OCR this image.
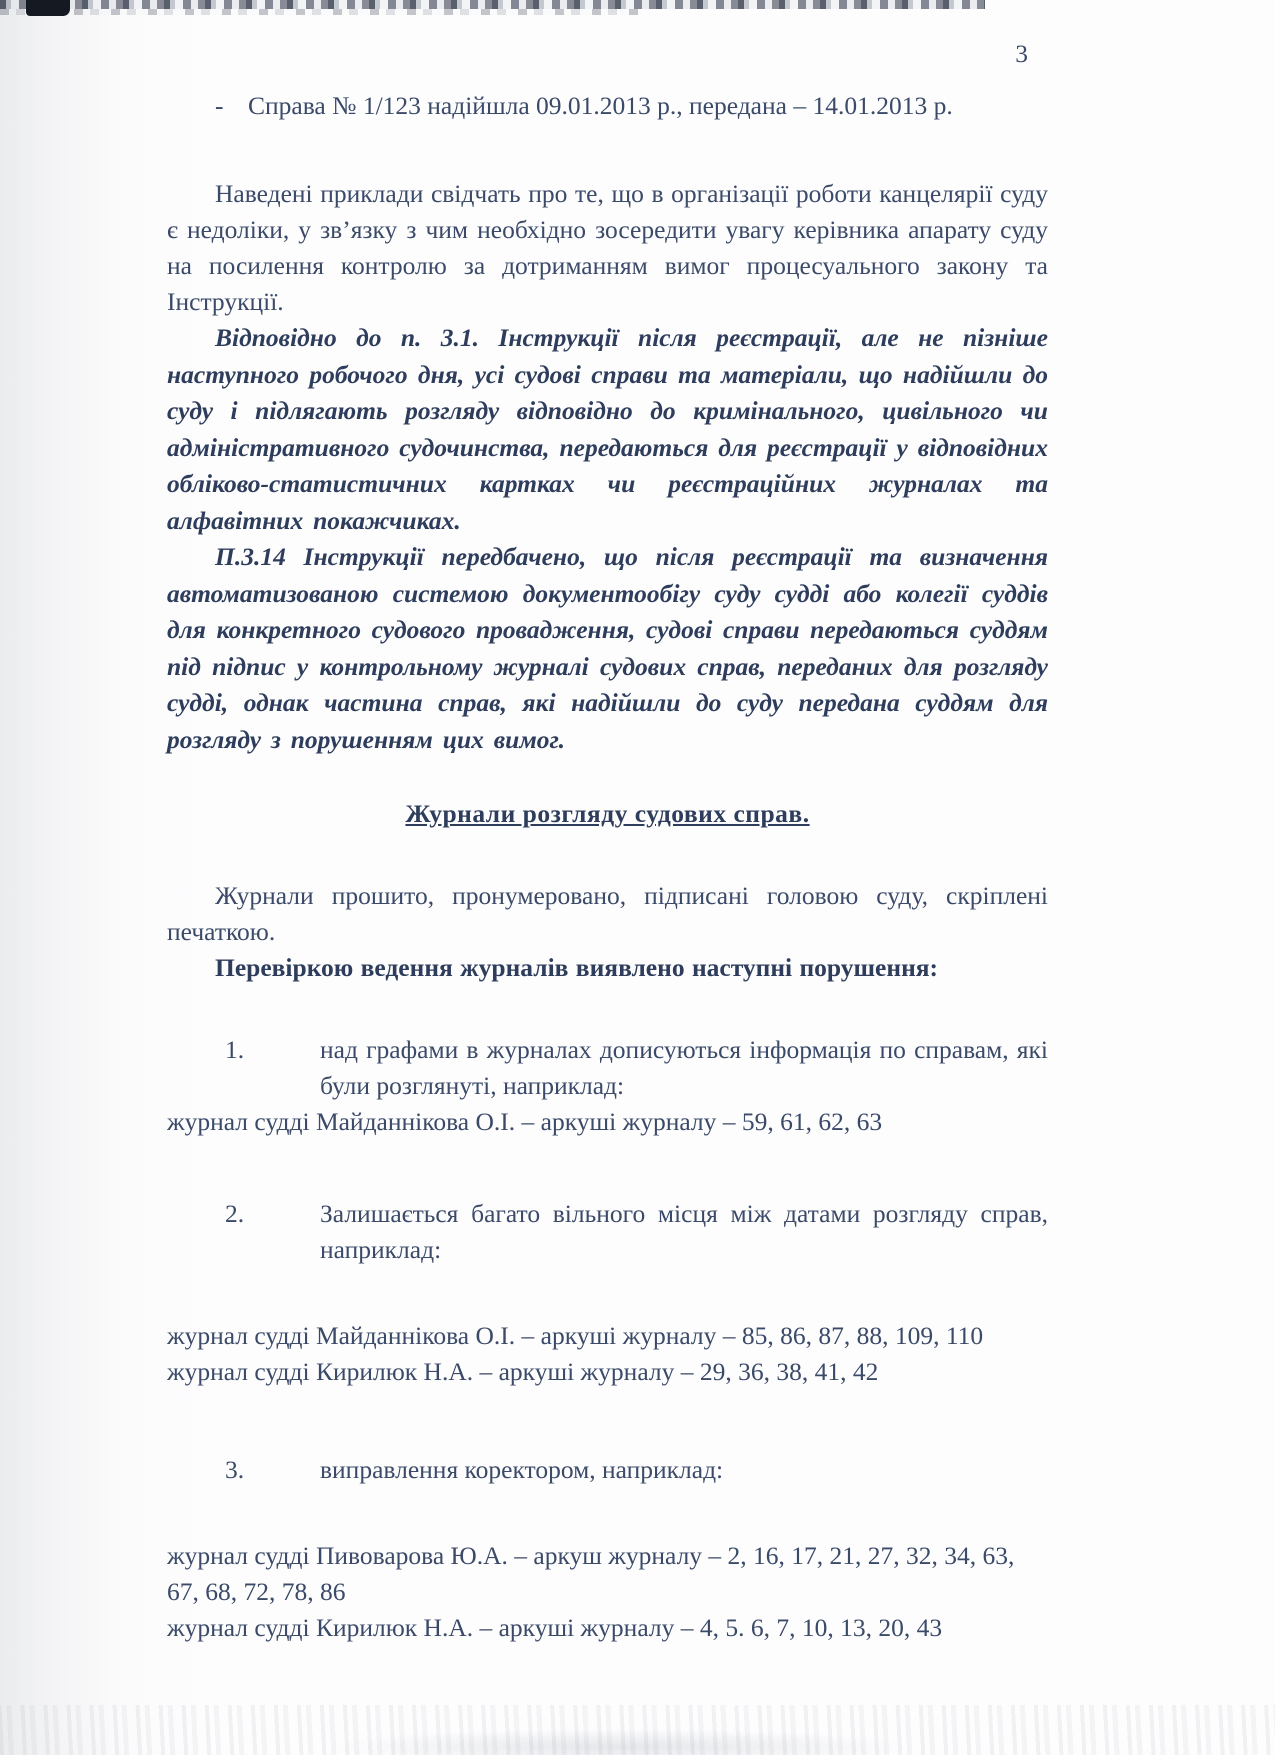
3
- Справа № 1/123 надійшла 09.01.2013 р., передана – 14.01.2013 р.

Наведені приклади свідчать про те, що в організації роботи канцелярії суду є недоліки, у зв’язку з чим необхідно зосередити увагу керівника апарату суду на посилення контролю за дотриманням вимог процесуального закону та Інструкції.

Відповідно до п. 3.1. Інструкції після реєстрації, але не пізніше наступного робочого дня, усі судові справи та матеріали, що надійшли до суду і підлягають розгляду відповідно до кримінального, цивільного чи адміністративного судочинства, передаються для реєстрації у відповідних обліково-статистичних картках чи реєстраційних журналах та алфавітних покажчиках.

П.3.14 Інструкції передбачено, що після реєстрації та визначення автоматизованою системою документообігу суду судді або колегії суддів для конкретного судового провадження, судові справи передаються суддям під підпис у контрольному журналі судових справ, переданих для розгляду судді, однак частина справ, які надійшли до суду передана суддям для розгляду з порушенням цих вимог.

Журнали розгляду судових справ.

Журнали прошито, пронумеровано, підписані головою суду, скріплені печаткою.

Перевіркою ведення журналів виявлено наступні порушення:

1.	над графами в журналах дописуються інформація по справам, які були розглянуті, наприклад:

журнал судді Майданнікова О.І. – аркуші журналу – 59, 61, 62, 63

2.	Залишається багато вільного місця між датами розгляду справ, наприклад:

журнал судді Майданнікова О.І. – аркуші журналу – 85, 86, 87, 88, 109, 110

журнал судді Кирилюк Н.А. – аркуші журналу – 29, 36, 38, 41, 42

3.	виправлення коректором, наприклад:

журнал судді Пивоварова Ю.А. – аркуш журналу – 2, 16, 17, 21, 27, 32, 34, 63, 67, 68, 72, 78, 86

журнал судді Кирилюк Н.А. – аркуші журналу – 4, 5. 6, 7, 10, 13, 20, 43
